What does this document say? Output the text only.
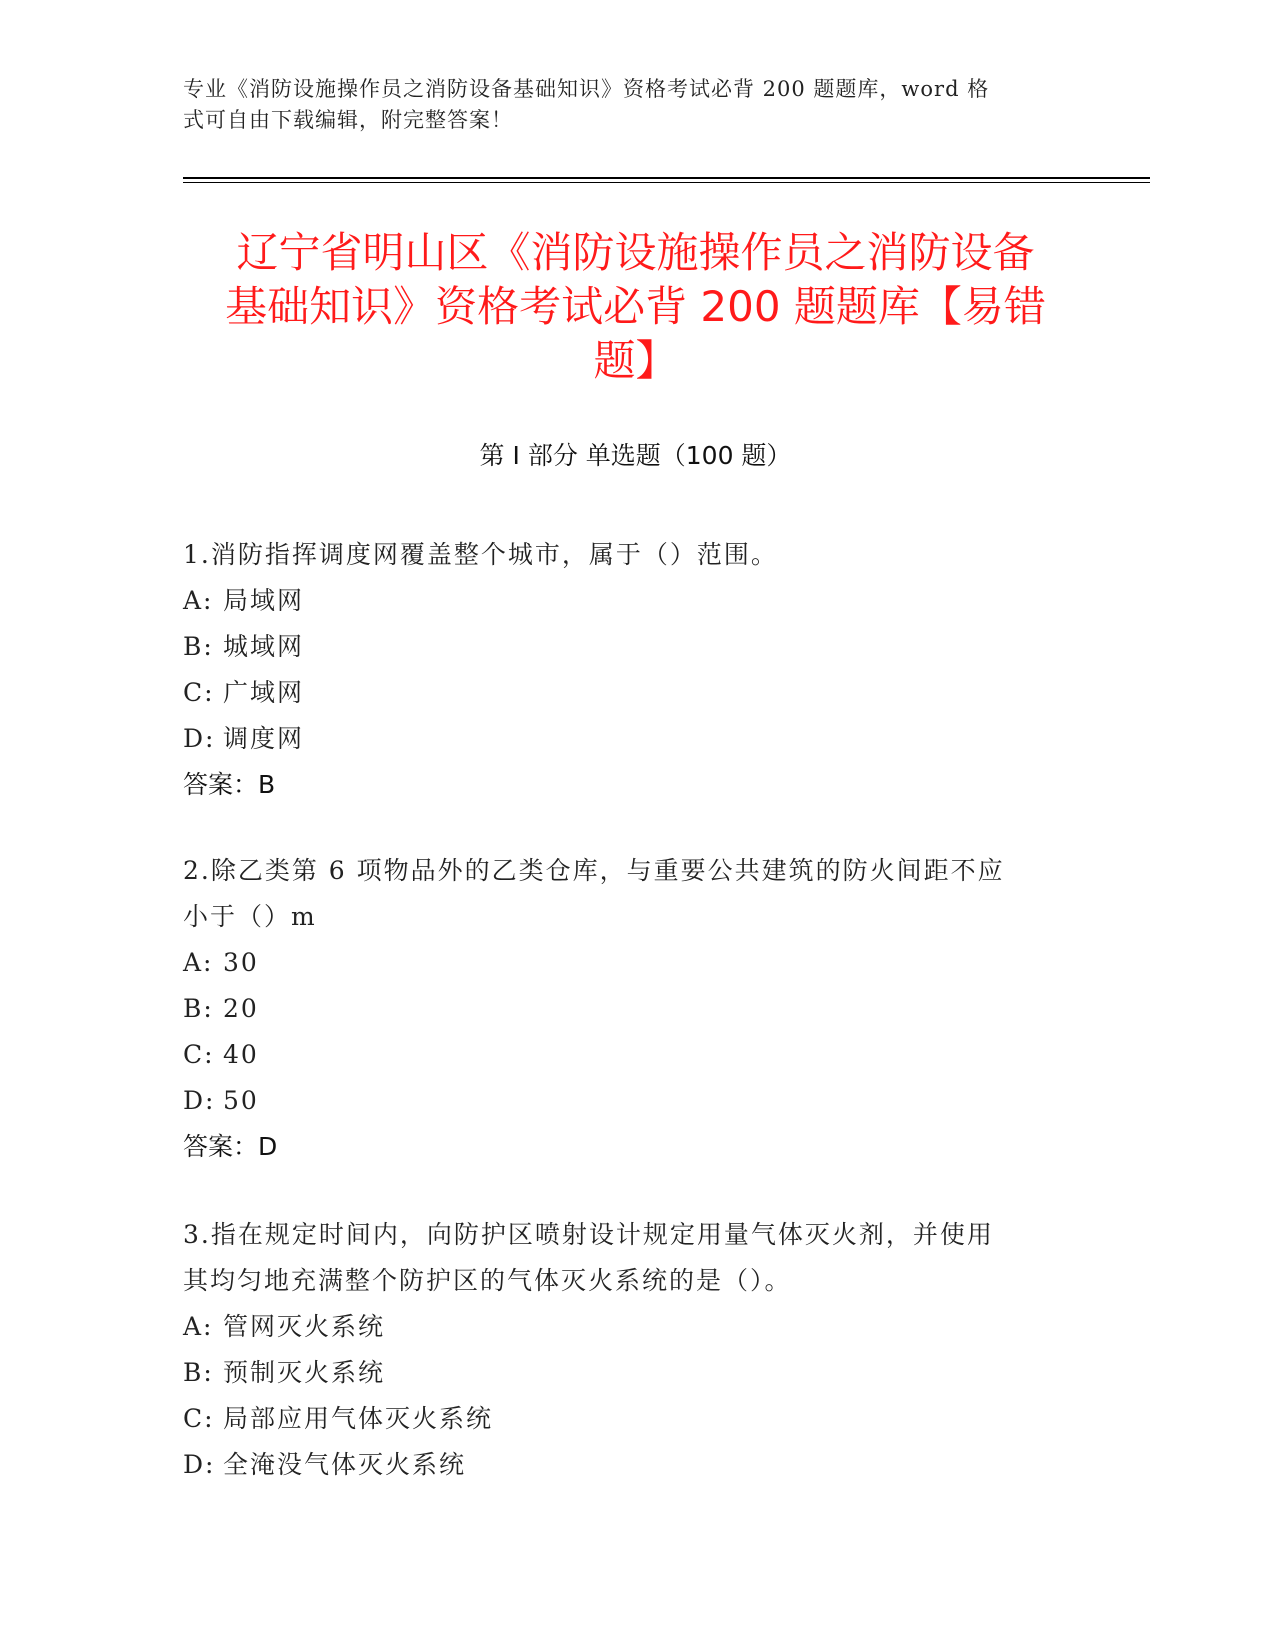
专业《消防设施操作员之消防设备基础知识》资格考试必背 200 题题库，word 格
式可自由下载编辑，附完整答案！
辽宁省明山区《消防设施操作员之消防设备
基础知识》资格考试必背 200 题题库【易错
题】
第 I 部分 单选题（100 题）
1.消防指挥调度网覆盖整个城市，属于（）范围。
A: 局域网
B: 城域网
C: 广域网
D: 调度网
答案：B
2.除乙类第 6 项物品外的乙类仓库，与重要公共建筑的防火间距不应
小于（）m
A: 30
B: 20
C: 40
D: 50
答案：D
3.指在规定时间内，向防护区喷射设计规定用量气体灭火剂，并使用
其均匀地充满整个防护区的气体灭火系统的是（）。
A: 管网灭火系统
B: 预制灭火系统
C: 局部应用气体灭火系统
D: 全淹没气体灭火系统
